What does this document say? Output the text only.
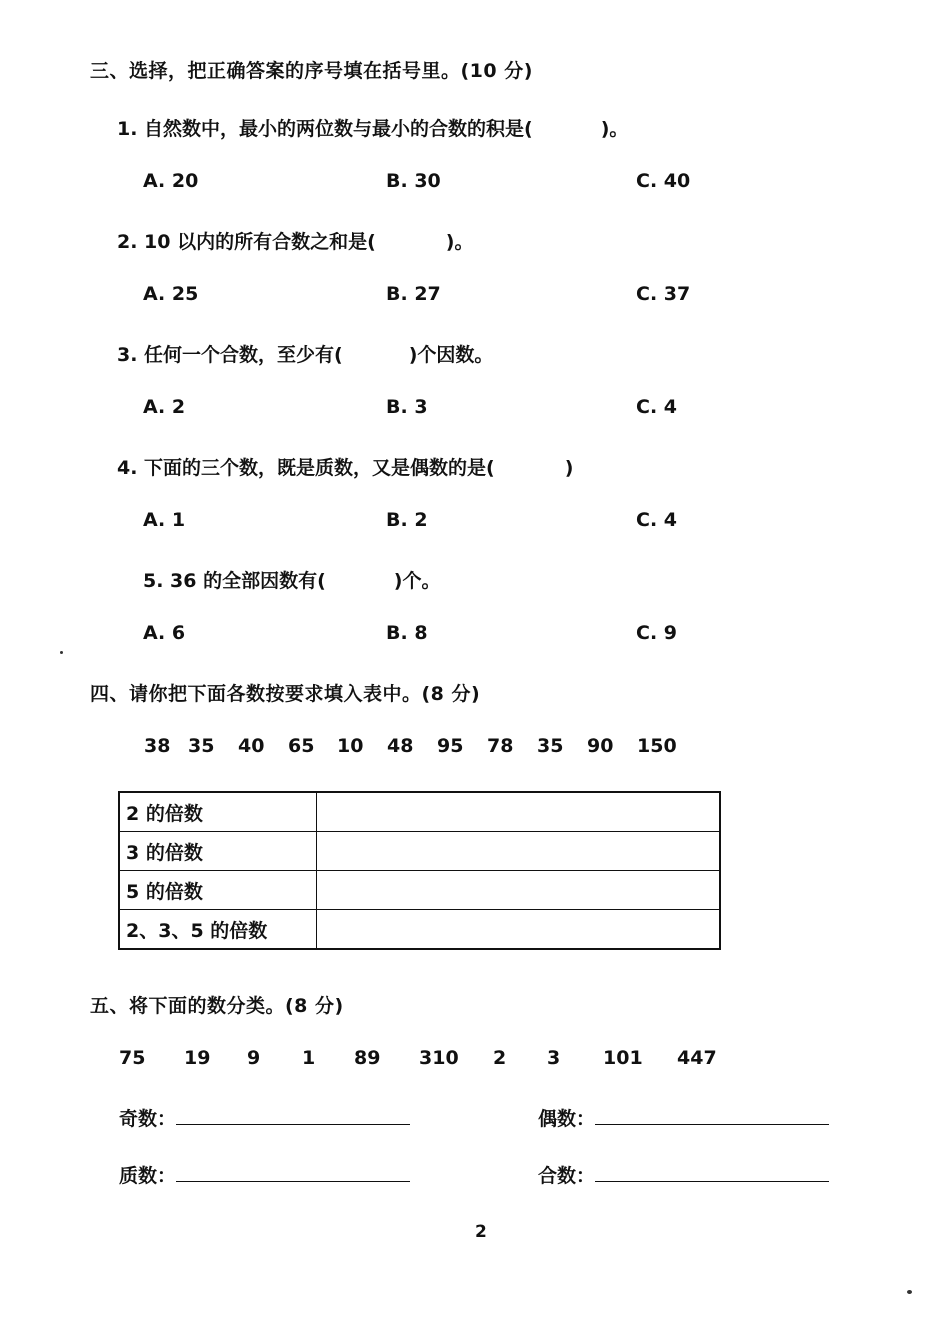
三、选择，把正确答案的序号填在括号里。(10 分)
1. 自然数中，最小的两位数与最小的合数的积是(	)。
A. 20	B. 30	C. 40
2. 10 以内的所有合数之和是(	)。
A. 25	B. 27	C. 37
3. 任何一个合数，至少有(	)个因数。
A. 2	B. 3	C. 4
4. 下面的三个数，既是质数，又是偶数的是(	)
A. 1	B. 2	C. 4
5. 36 的全部因数有(	)个。
A. 6	B. 8	C. 9
四、请你把下面各数按要求填入表中。(8 分)
38 35 40 65 10 48 95 78 35 90 150
2 的倍数	
3 的倍数	
5 的倍数	
2、3、5 的倍数	
五、将下面的数分类。(8 分)
75 19 9 1 89 310 2 3 101 447
奇数：	偶数：
质数：	合数：
2
